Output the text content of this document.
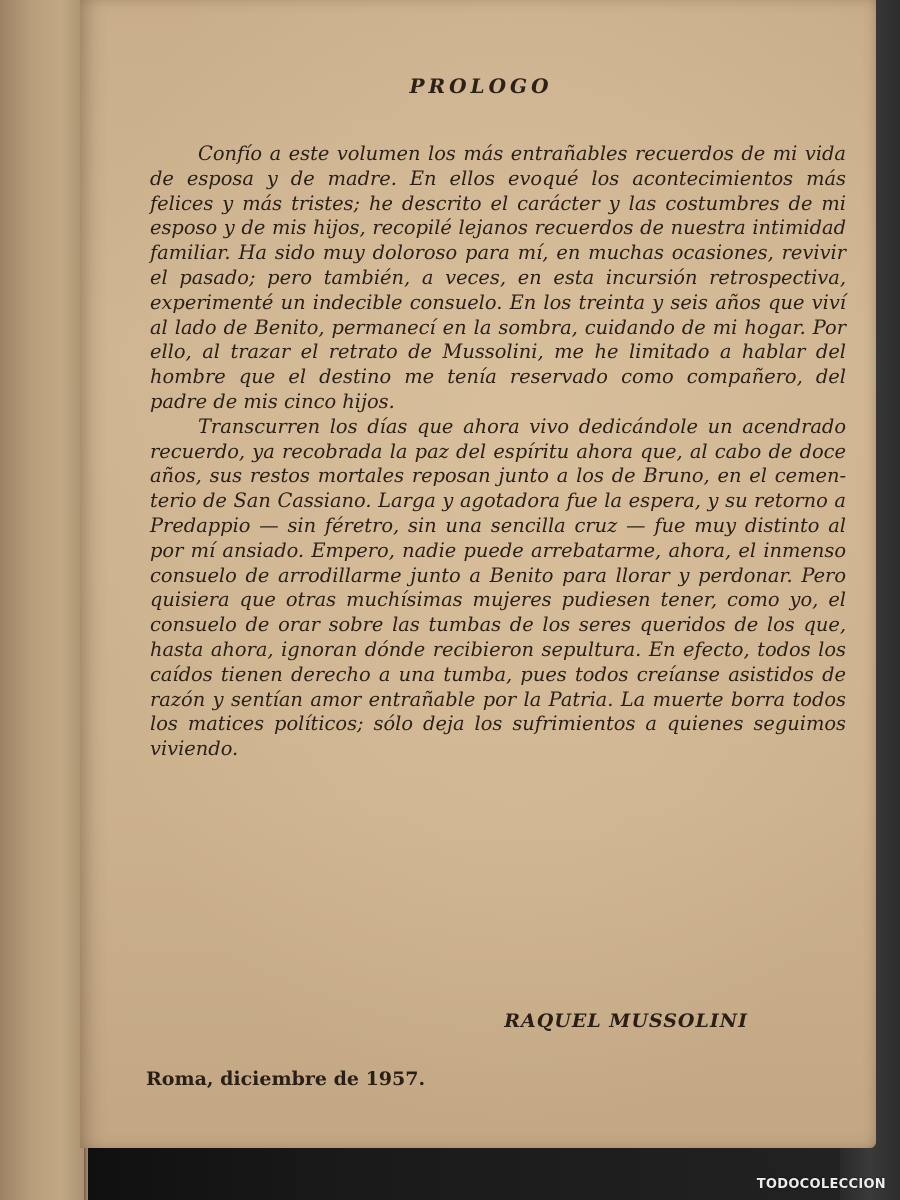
PROLOGO

Confío a este volumen los más entrañables recuerdos de mi vida de esposa y de madre. En ellos evoqué los acontecimientos más felices y más tristes; he descrito el carácter y las costumbres de mi esposo y de mis hijos, recopilé lejanos recuerdos de nuestra intimidad familiar. Ha sido muy doloroso para mí, en muchas ocasiones, revivir el pasado; pero también, a veces, en esta incursión retrospectiva, experimenté un indecible consuelo. En los treinta y seis años que viví al lado de Benito, permanecí en la sombra, cuidando de mi hogar. Por ello, al trazar el retrato de Mussolini, me he limitado a hablar del hombre que el destino me tenía reservado como compañero, del padre de mis cinco hijos.

Transcurren los días que ahora vivo dedicándole un acendrado recuerdo, ya recobrada la paz del espíritu ahora que, al cabo de doce años, sus restos mortales reposan junto a los de Bruno, en el cementerio de San Cassiano. Larga y agotadora fue la espera, y su retorno a Predappio — sin féretro, sin una sencilla cruz — fue muy distinto al por mí ansiado. Empero, nadie puede arrebatarme, ahora, el inmenso consuelo de arrodillarme junto a Benito para llorar y perdonar. Pero quisiera que otras muchísimas mujeres pudiesen tener, como yo, el consuelo de orar sobre las tumbas de los seres queridos de los que, hasta ahora, ignoran dónde recibieron sepultura. En efecto, todos los caídos tienen derecho a una tumba, pues todos creíanse asistidos de razón y sentían amor entrañable por la Patria. La muerte borra todos los matices políticos; sólo deja los sufrimientos a quienes seguimos viviendo.

RAQUEL MUSSOLINI
Roma, diciembre de 1957.
TODOCOLECCION
